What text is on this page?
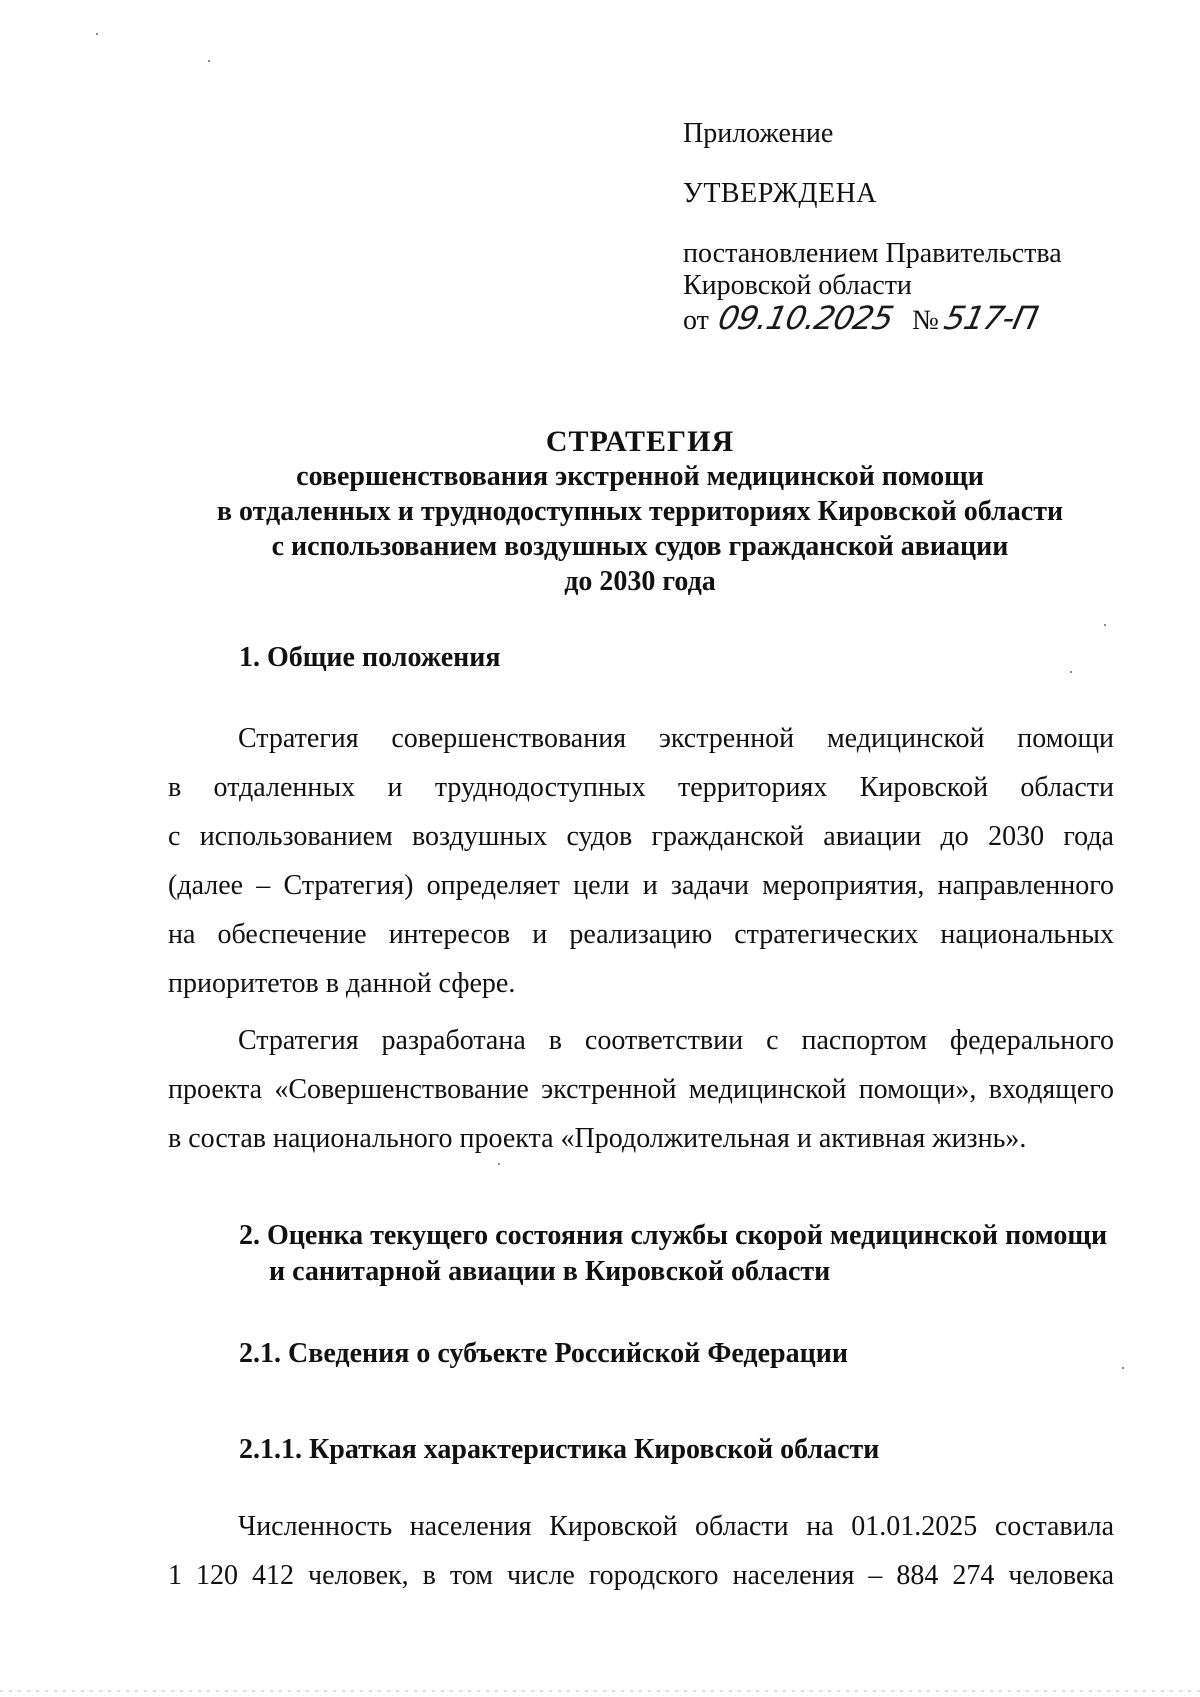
Приложение
УТВЕРЖДЕНА
постановлением Правительства
Кировской области
от 09.10.2025 № 517-П
СТРАТЕГИЯ
совершенствования экстренной медицинской помощи
в отдаленных и труднодоступных территориях Кировской области
с использованием воздушных судов гражданской авиации
до 2030 года
1. Общие положения
Стратегия совершенствования экстренной медицинской помощи
в отдаленных и труднодоступных территориях Кировской области
с использованием воздушных судов гражданской авиации до 2030 года
(далее – Стратегия) определяет цели и задачи мероприятия, направленного
на обеспечение интересов и реализацию стратегических национальных
приоритетов в данной сфере.
Стратегия разработана в соответствии с паспортом федерального
проекта «Совершенствование экстренной медицинской помощи», входящего
в состав национального проекта «Продолжительная и активная жизнь».
2. Оценка текущего состояния службы скорой медицинской помощи
и санитарной авиации в Кировской области
2.1. Сведения о субъекте Российской Федерации
2.1.1. Краткая характеристика Кировской области
Численность населения Кировской области на 01.01.2025 составила
1 120 412 человек, в том числе городского населения – 884 274 человека
